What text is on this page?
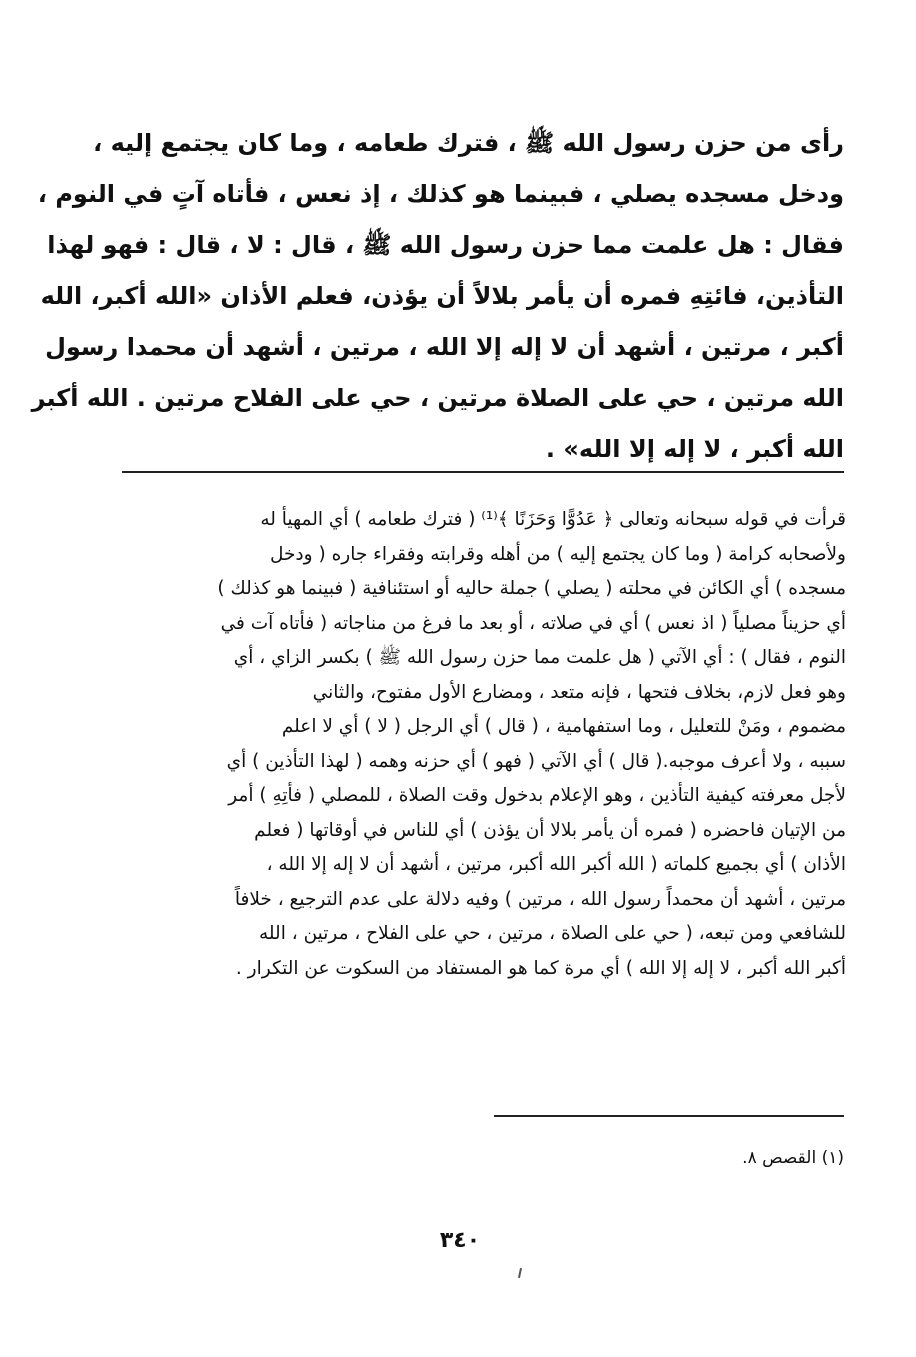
رأى من حزن رسول الله ﷺ ، فترك طعامه ، وما كان يجتمع إليه ،
ودخل مسجده يصلي ، فبينما هو كذلك ، إذ نعس ، فأتاه آتٍ في النوم ،
فقال : هل علمت مما حزن رسول الله ﷺ ، قال : لا ، قال : فهو لهذا
التأذين، فائتِهِ فمره أن يأمر بلالاً أن يؤذن، فعلم الأذان «الله أكبر، الله
أكبر ، مرتين ، أشهد أن لا إله إلا الله ، مرتين ، أشهد أن محمدا رسول
الله مرتين ، حي على الصلاة مرتين ، حي على الفلاح مرتين . الله أكبر
الله أكبر ، لا إله إلا الله» .
قرأت في قوله سبحانه وتعالى ﴿ عَدُوًّا وَحَزَنًا ﴾⁽¹⁾ ( فترك طعامه ) أي المهيأ له
ولأصحابه كرامة ( وما كان يجتمع إليه ) من أهله وقرابته وفقراء جاره ( ودخل
مسجده ) أي الكائن في محلته ( يصلي ) جملة حاليه أو استئنافية ( فبينما هو كذلك )
أي حزيناً مصلياً ( اذ نعس ) أي في صلاته ، أو بعد ما فرغ من مناجاته ( فأتاه آت في
النوم ، فقال ) : أي الآتي ( هل علمت مما حزن رسول الله ﷺ ) بكسر الزاي ، أي
وهو فعل لازم، بخلاف فتحها ، فإنه متعد ، ومضارع الأول مفتوح، والثاني
مضموم ، ومَنْ للتعليل ، وما استفهامية ، ( قال ) أي الرجل ( لا ) أي لا اعلم
سببه ، ولا أعرف موجبه.( قال ) أي الآتي ( فهو ) أي حزنه وهمه ( لهذا التأذين ) أي
لأجل معرفته كيفية التأذين ، وهو الإعلام بدخول وقت الصلاة ، للمصلي ( فأتِهِ ) أمر
من الإتيان فاحضره ( فمره أن يأمر بلالا أن يؤذن ) أي للناس في أوقاتها ( فعلم
الأذان ) أي بجميع كلماته ( الله أكبر الله أكبر، مرتين ، أشهد أن لا إله إلا الله ،
مرتين ، أشهد أن محمداً رسول الله ، مرتين ) وفيه دلالة على عدم الترجيع ، خلافاً
للشافعي ومن تبعه، ( حي على الصلاة ، مرتين ، حي على الفلاح ، مرتين ، الله
أكبر الله أكبر ، لا إله إلا الله ) أي مرة كما هو المستفاد من السكوت عن التكرار .
(١) القصص ٨.
٣٤٠
